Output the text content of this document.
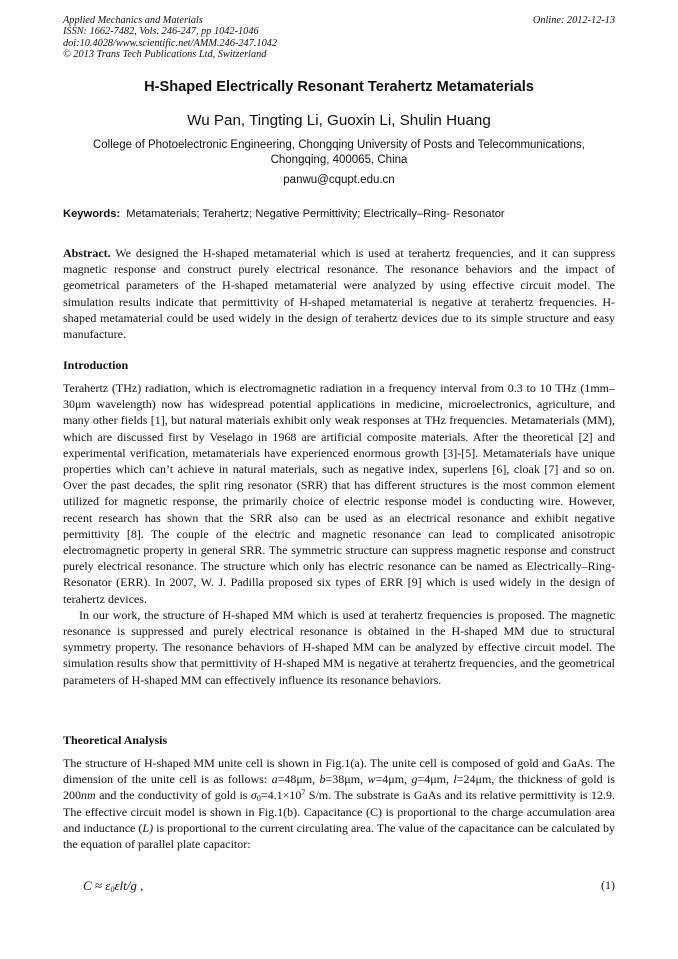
Applied Mechanics and Materials
ISSN: 1662-7482, Vols. 246-247, pp 1042-1046
doi:10.4028/www.scientific.net/AMM.246-247.1042
© 2013 Trans Tech Publications Ltd, Switzerland
Online: 2012-12-13
H-Shaped Electrically Resonant Terahertz Metamaterials
Wu Pan, Tingting Li, Guoxin Li, Shulin Huang
College of Photoelectronic Engineering, Chongqing University of Posts and Telecommunications,
Chongqing, 400065, China
panwu@cqupt.edu.cn
Keywords: Metamaterials; Terahertz; Negative Permittivity; Electrically–Ring- Resonator

Abstract. We designed the H-shaped metamaterial which is used at terahertz frequencies, and it can suppress magnetic response and construct purely electrical resonance. The resonance behaviors and the impact of geometrical parameters of the H-shaped metamaterial were analyzed by using effective circuit model. The simulation results indicate that permittivity of H-shaped metamaterial is negative at terahertz frequencies. H-shaped metamaterial could be used widely in the design of terahertz devices due to its simple structure and easy manufacture.

Introduction

Terahertz (THz) radiation, which is electromagnetic radiation in a frequency interval from 0.3 to 10 THz (1mm–30μm wavelength) now has widespread potential applications in medicine, microelectronics, agriculture, and many other fields [1], but natural materials exhibit only weak responses at THz frequencies. Metamaterials (MM), which are discussed first by Veselago in 1968 are artificial composite materials. After the theoretical [2] and experimental verification, metamaterials have experienced enormous growth [3]-[5]. Metamaterials have unique properties which can’t achieve in natural materials, such as negative index, superlens [6], cloak [7] and so on. Over the past decades, the split ring resonator (SRR) that has different structures is the most common element utilized for magnetic response, the primarily choice of electric response model is conducting wire. However, recent research has shown that the SRR also can be used as an electrical resonance and exhibit negative permittivity [8]. The couple of the electric and magnetic resonance can lead to complicated anisotropic electromagnetic property in general SRR. The symmetric structure can suppress magnetic response and construct purely electrical resonance. The structure which only has electric resonance can be named as Electrically–Ring- Resonator (ERR). In 2007, W. J. Padilla proposed six types of ERR [9] which is used widely in the design of terahertz devices.

In our work, the structure of H-shaped MM which is used at terahertz frequencies is proposed. The magnetic resonance is suppressed and purely electrical resonance is obtained in the H-shaped MM due to structural symmetry property. The resonance behaviors of H-shaped MM can be analyzed by effective circuit model. The simulation results show that permittivity of H-shaped MM is negative at terahertz frequencies, and the geometrical parameters of H-shaped MM can effectively influence its resonance behaviors.

Theoretical Analysis

The structure of H-shaped MM unite cell is shown in Fig.1(a). The unite cell is composed of gold and GaAs. The dimension of the unite cell is as follows: a=48μm, b=38μm, w=4μm, g=4μm, l=24μm, the thickness of gold is 200nm and the conductivity of gold is $\sigma_0=4.1\times 10^7$ S/m. The substrate is GaAs and its relative permittivity is 12.9. The effective circuit model is shown in Fig.1(b). Capacitance (C) is proportional to the charge accumulation area and inductance (L) is proportional to the current circulating area. The value of the capacitance can be calculated by the equation of parallel plate capacitor:

$C \approx \varepsilon_0\varepsilon lt/g$ ,	(1)
